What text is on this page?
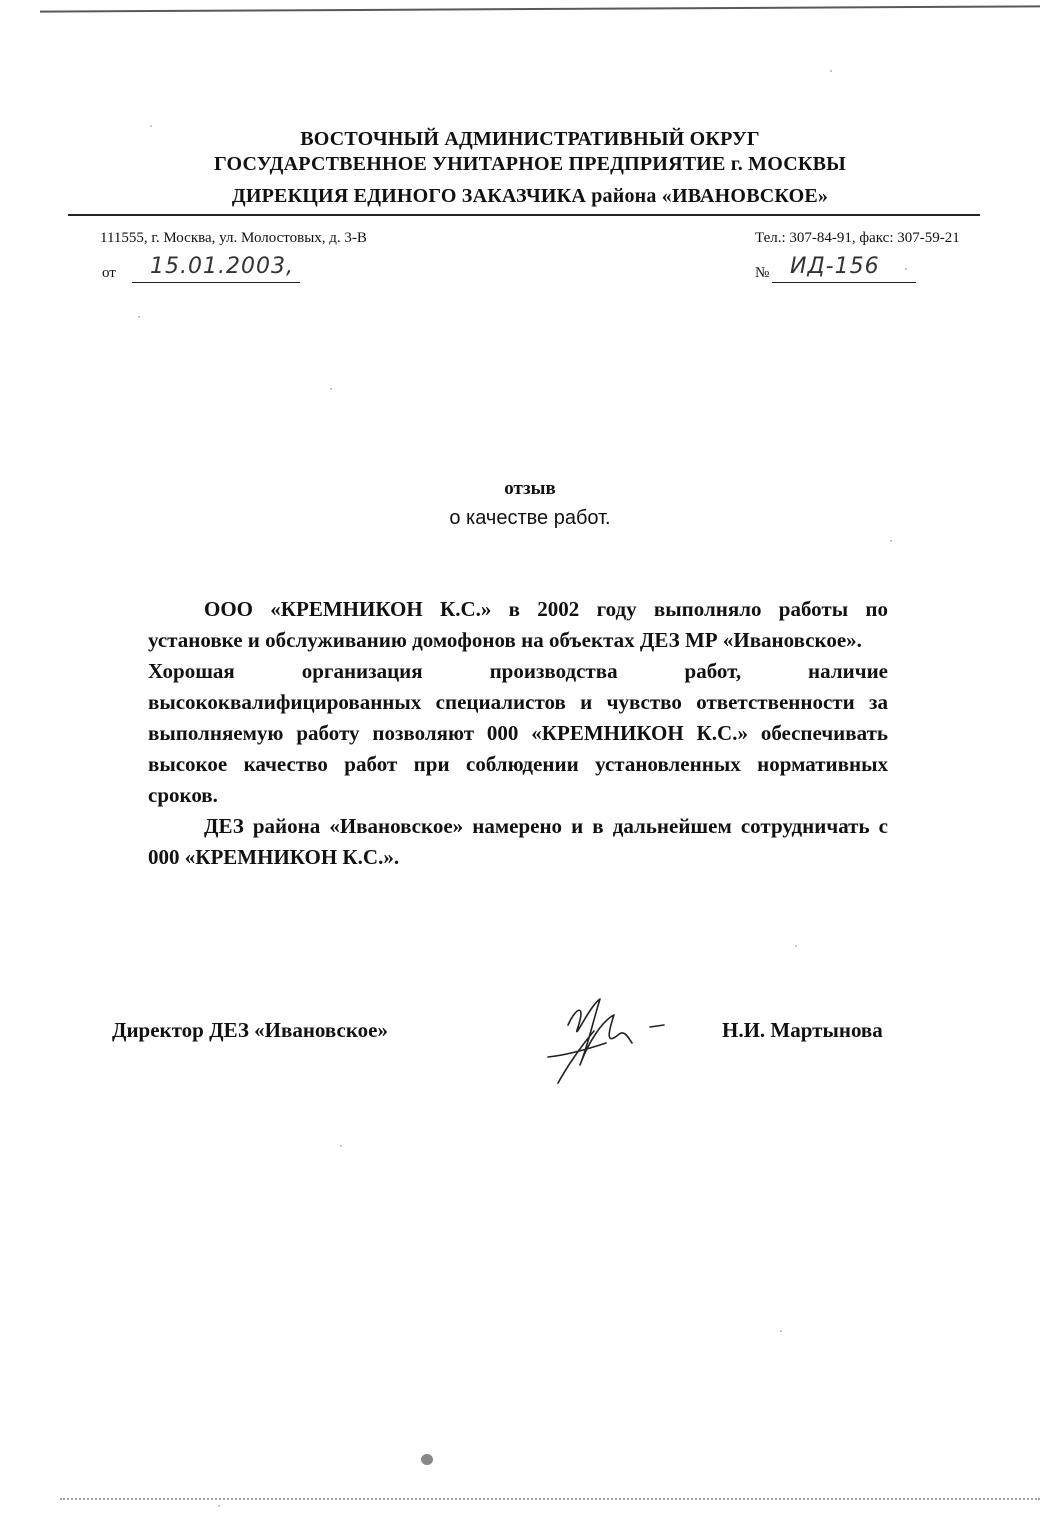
ВОСТОЧНЫЙ АДМИНИСТРАТИВНЫЙ ОКРУГ
ГОСУДАРСТВЕННОЕ УНИТАРНОЕ ПРЕДПРИЯТИЕ г. МОСКВЫ
ДИРЕКЦИЯ ЕДИНОГО ЗАКАЗЧИКА района «ИВАНОВСКОЕ»
111555, г. Москва, ул. Молостовых, д. 3-В	Тел.: 307-84-91, факс: 307-59-21
от 15.01.2003,	№ ИД-156
отзыв
о качестве работ.

ООО «КРЕМНИКОН К.С.» в 2002 году выполняло работы по установке и обслуживанию домофонов на объектах ДЕЗ МР «Ивановское».

Хорошая организация производства работ, наличие высококвалифицированных специалистов и чувство ответственности за выполняемую работу позволяют 000 «КРЕМНИКОН К.С.» обеспечивать высокое качество работ при соблюдении установленных нормативных сроков.

ДЕЗ района «Ивановское» намерено и в дальнейшем сотрудничать с 000 «КРЕМНИКОН К.С.».

Директор ДЕЗ «Ивановское»	Н.И. Мартынова
